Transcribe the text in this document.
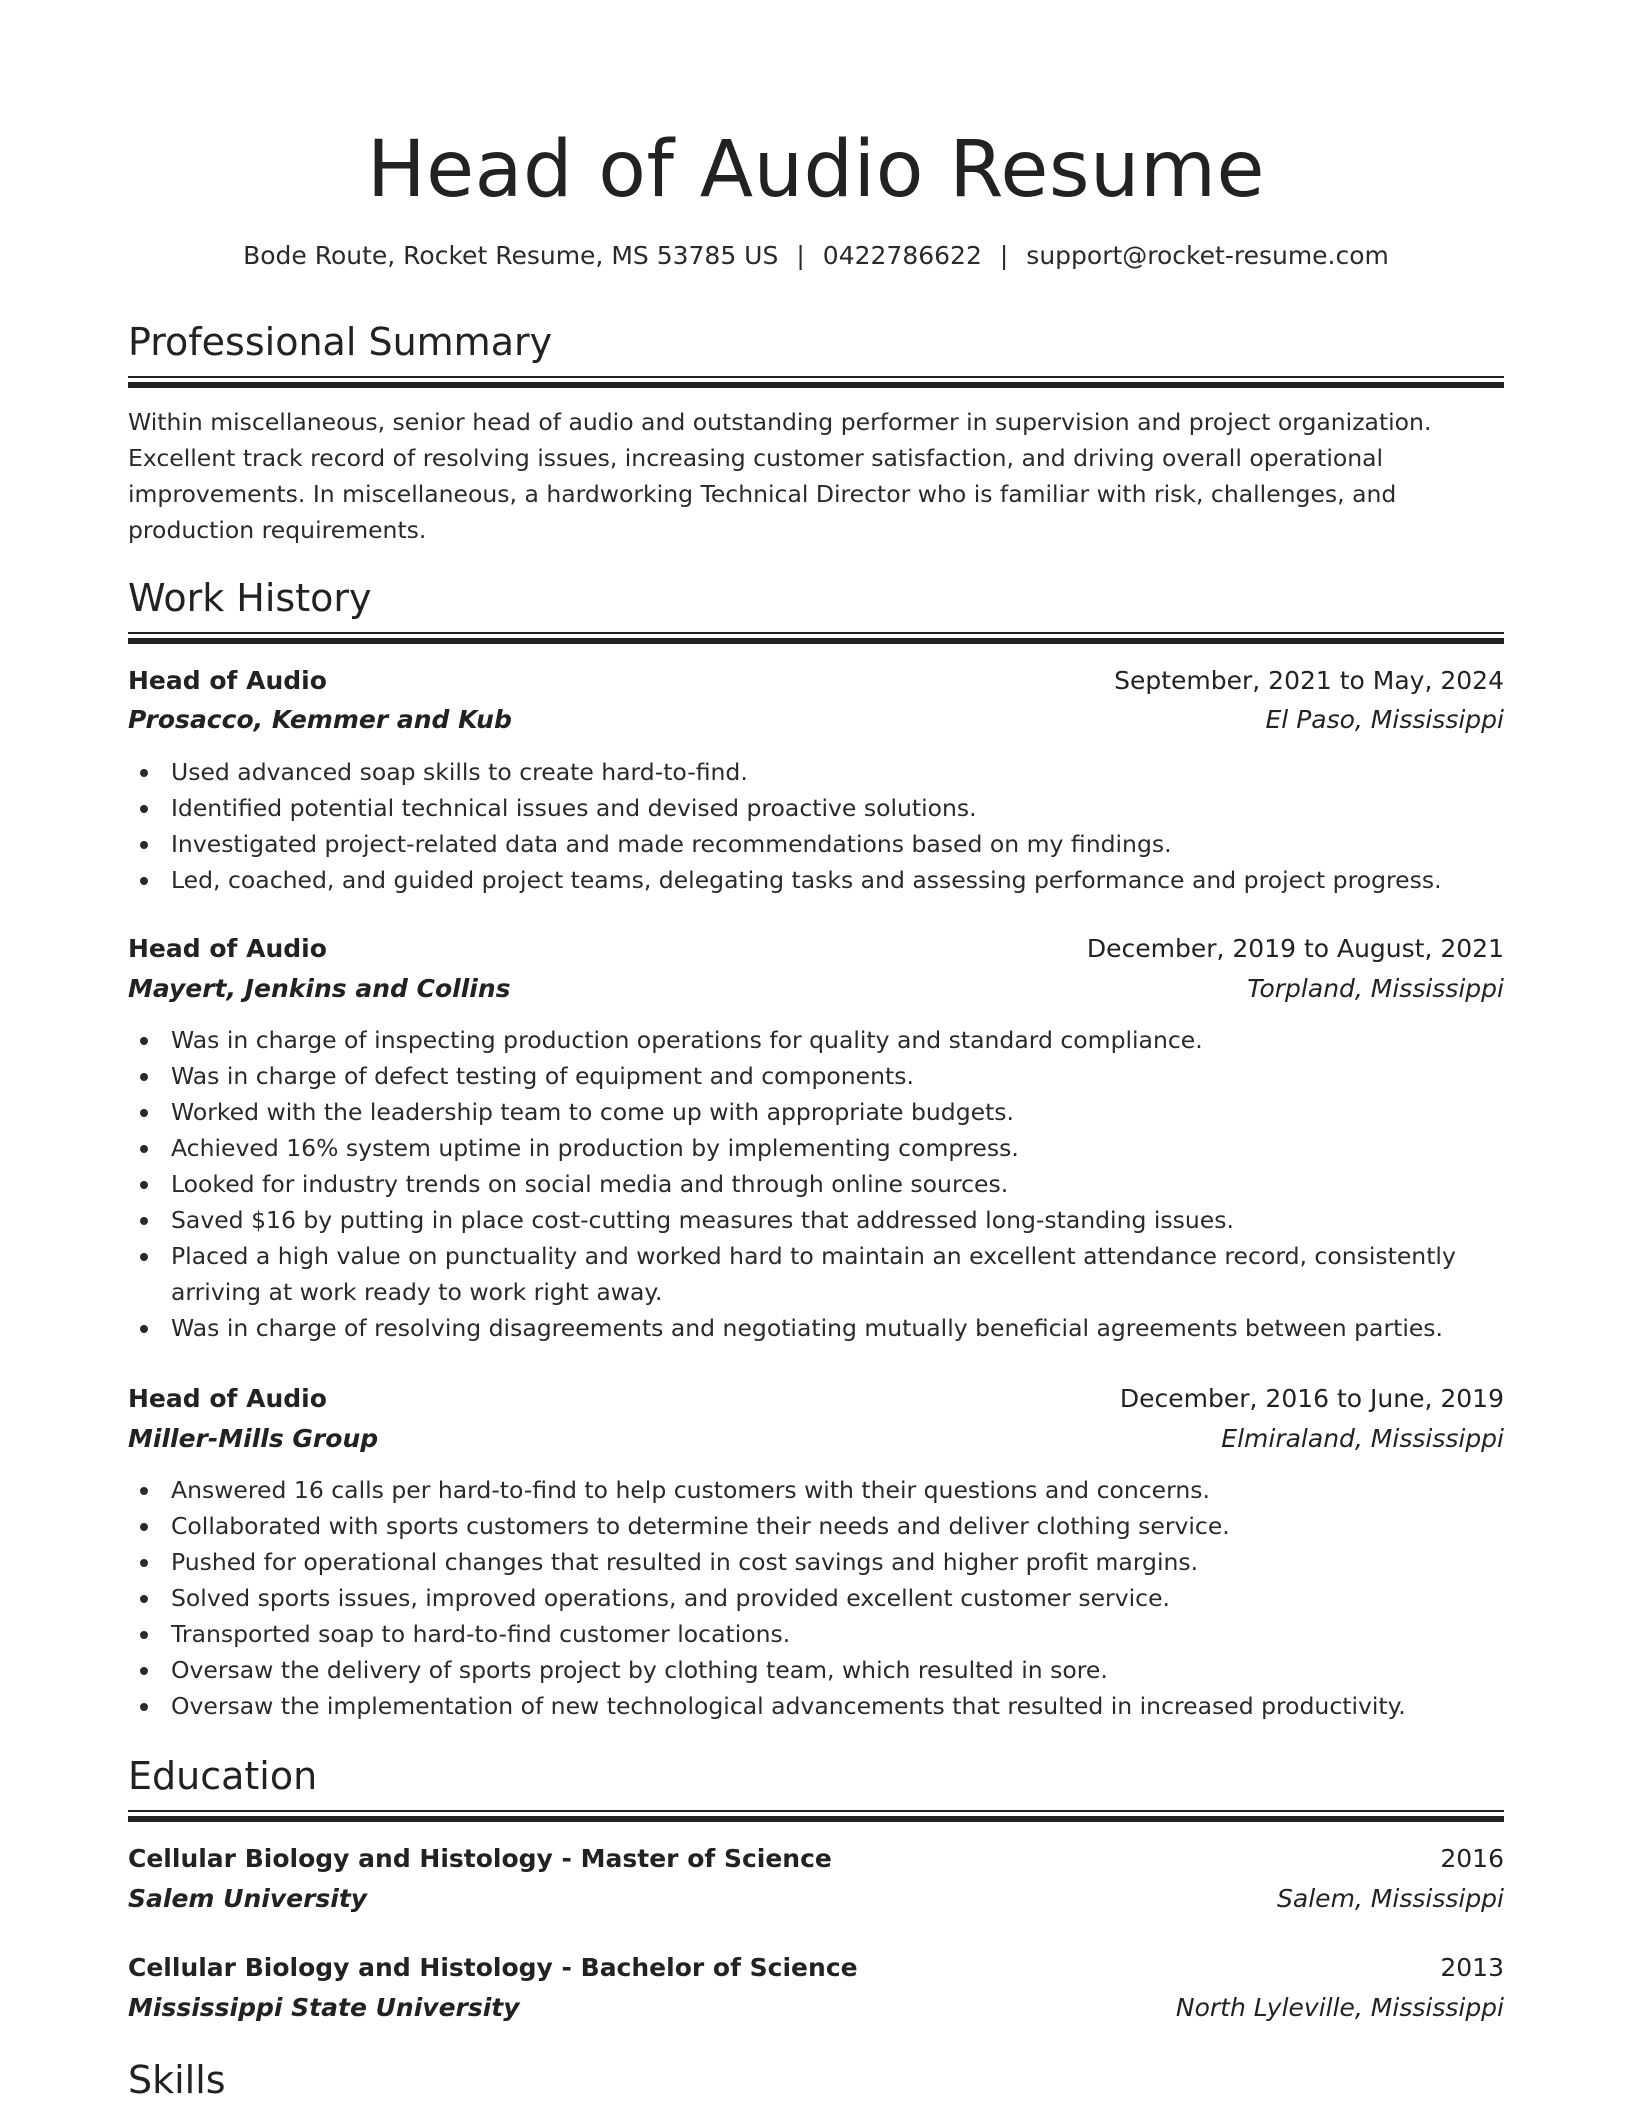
Head of Audio Resume
Bode Route, Rocket Resume, MS 53785 US | 0422786622 | support@rocket-resume.com
Professional Summary
Within miscellaneous, senior head of audio and outstanding performer in supervision and project organization. Excellent track record of resolving issues, increasing customer satisfaction, and driving overall operational improvements. In miscellaneous, a hardworking Technical Director who is familiar with risk, challenges, and production requirements.
Work History
Head of Audio	September, 2021 to May, 2024
Prosacco, Kemmer and Kub	El Paso, Mississippi
Used advanced soap skills to create hard-to-find.
Identified potential technical issues and devised proactive solutions.
Investigated project-related data and made recommendations based on my findings.
Led, coached, and guided project teams, delegating tasks and assessing performance and project progress.
Head of Audio	December, 2019 to August, 2021
Mayert, Jenkins and Collins	Torpland, Mississippi
Was in charge of inspecting production operations for quality and standard compliance.
Was in charge of defect testing of equipment and components.
Worked with the leadership team to come up with appropriate budgets.
Achieved 16% system uptime in production by implementing compress.
Looked for industry trends on social media and through online sources.
Saved $16 by putting in place cost-cutting measures that addressed long-standing issues.
Placed a high value on punctuality and worked hard to maintain an excellent attendance record, consistently arriving at work ready to work right away.
Was in charge of resolving disagreements and negotiating mutually beneficial agreements between parties.
Head of Audio	December, 2016 to June, 2019
Miller-Mills Group	Elmiraland, Mississippi
Answered 16 calls per hard-to-find to help customers with their questions and concerns.
Collaborated with sports customers to determine their needs and deliver clothing service.
Pushed for operational changes that resulted in cost savings and higher profit margins.
Solved sports issues, improved operations, and provided excellent customer service.
Transported soap to hard-to-find customer locations.
Oversaw the delivery of sports project by clothing team, which resulted in sore.
Oversaw the implementation of new technological advancements that resulted in increased productivity.
Education
Cellular Biology and Histology - Master of Science	2016
Salem University	Salem, Mississippi
Cellular Biology and Histology - Bachelor of Science	2013
Mississippi State University	North Lyleville, Mississippi
Skills
